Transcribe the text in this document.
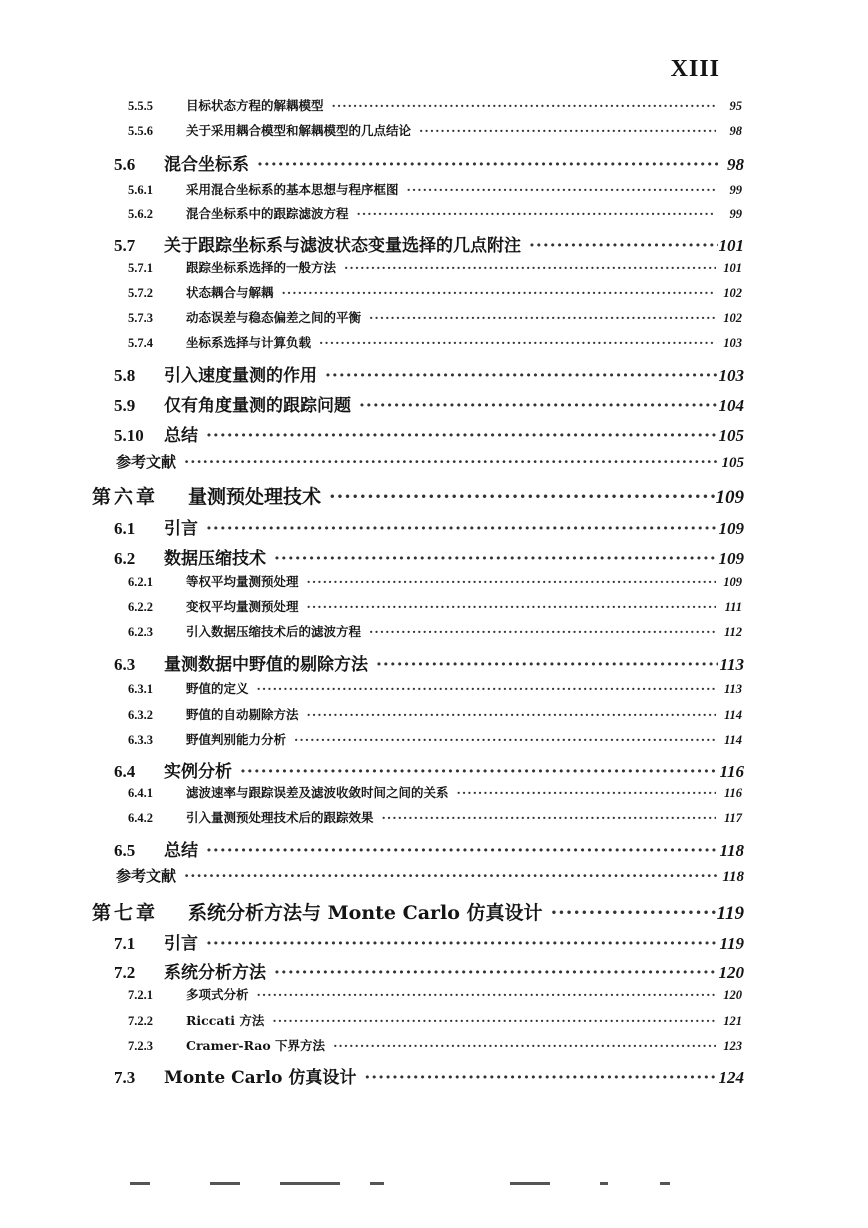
XIII
5.5.5	目标状态方程的解耦模型 ·····	95
5.5.6	关于采用耦合模型和解耦模型的几点结论 ·····	98
5.6	混合坐标系 ·····	98
5.6.1	采用混合坐标系的基本思想与程序框图 ·····	99
5.6.2	混合坐标系中的跟踪滤波方程 ·····	99
5.7	关于跟踪坐标系与滤波状态变量选择的几点附注 ·····	101
5.7.1	跟踪坐标系选择的一般方法 ·····	101
5.7.2	状态耦合与解耦 ·····	102
5.7.3	动态误差与稳态偏差之间的平衡 ·····	102
5.7.4	坐标系选择与计算负载 ·····	103
5.8	引入速度量测的作用 ·····	103
5.9	仅有角度量测的跟踪问题 ·····	104
5.10	总结 ·····	105
参考文献 ·····	105
第六章	量测预处理技术 ·····	109
6.1	引言 ·····	109
6.2	数据压缩技术 ·····	109
6.2.1	等权平均量测预处理 ·····	109
6.2.2	变权平均量测预处理 ·····	111
6.2.3	引入数据压缩技术后的滤波方程 ·····	112
6.3	量测数据中野值的剔除方法 ·····	113
6.3.1	野值的定义 ·····	113
6.3.2	野值的自动剔除方法 ·····	114
6.3.3	野值判别能力分析 ·····	114
6.4	实例分析 ·····	116
6.4.1	滤波速率与跟踪误差及滤波收敛时间之间的关系 ·····	116
6.4.2	引入量测预处理技术后的跟踪效果 ·····	117
6.5	总结 ·····	118
参考文献 ·····	118
第七章	系统分析方法与 Monte Carlo 仿真设计 ·····	119
7.1	引言 ·····	119
7.2	系统分析方法 ·····	120
7.2.1	多项式分析 ·····	120
7.2.2	Riccati 方法 ·····	121
7.2.3	Cramer-Rao 下界方法 ·····	123
7.3	Monte Carlo 仿真设计 ·····	124
